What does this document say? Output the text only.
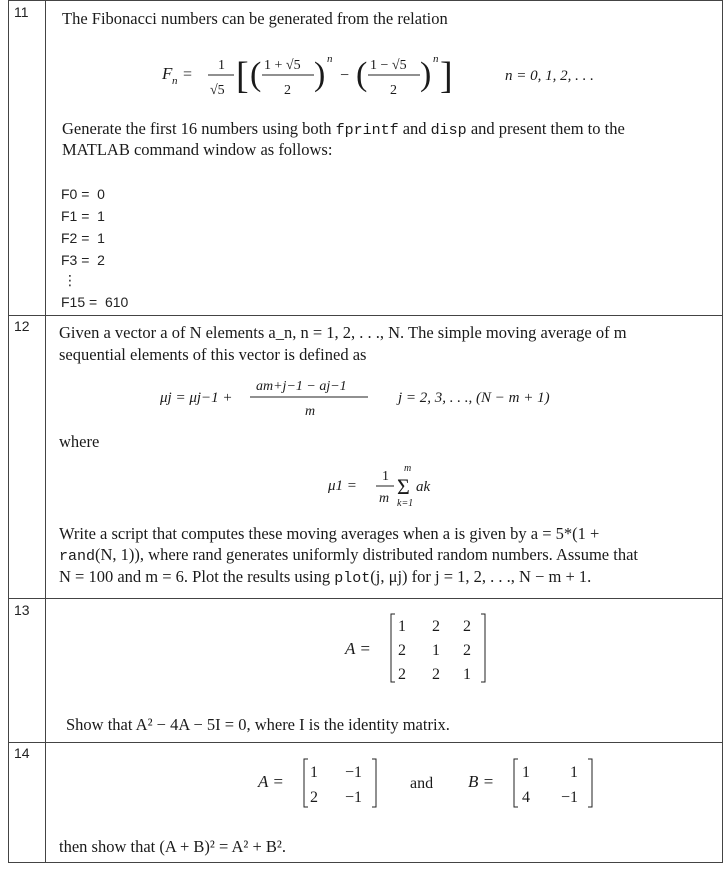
11 The Fibonacci numbers can be generated from the relation
F n =
1
√5 [ ( 1 + √5
2 ) n
− ( 1 − √5
2 ) n ]	n = 0, 1, 2, . . .
Generate the first 16 numbers using both fprintf and disp and present them to the
MATLAB command window as follows:
F0 =  0
F1 =  1
F2 =  1
F3 =  2
⋮
F15 =  610
12 Given a vector a of N elements a_n, n = 1, 2, . . ., N. The simple moving average of m
sequential elements of this vector is defined as
μj = μj−1 +
am+j−1 − aj−1
m
j = 2, 3, . . ., (N − m + 1)
where
μ1 =
1
m
m
Σ
k=1
ak
Write a script that computes these moving averages when a is given by a = 5*(1 +
rand(N, 1)), where rand generates uniformly distributed random numbers. Assume that
N = 100 and m = 6. Plot the results using plot(j, μj) for j = 1, 2, . . ., N − m + 1.
13
A =
1 2 2
2 1 2
2 2 1
Show that A² − 4A − 5I = 0, where I is the identity matrix.
14
A = 1 −1
2 −1
and B = 1	1
4 −1
then show that (A + B)² = A² + B².
